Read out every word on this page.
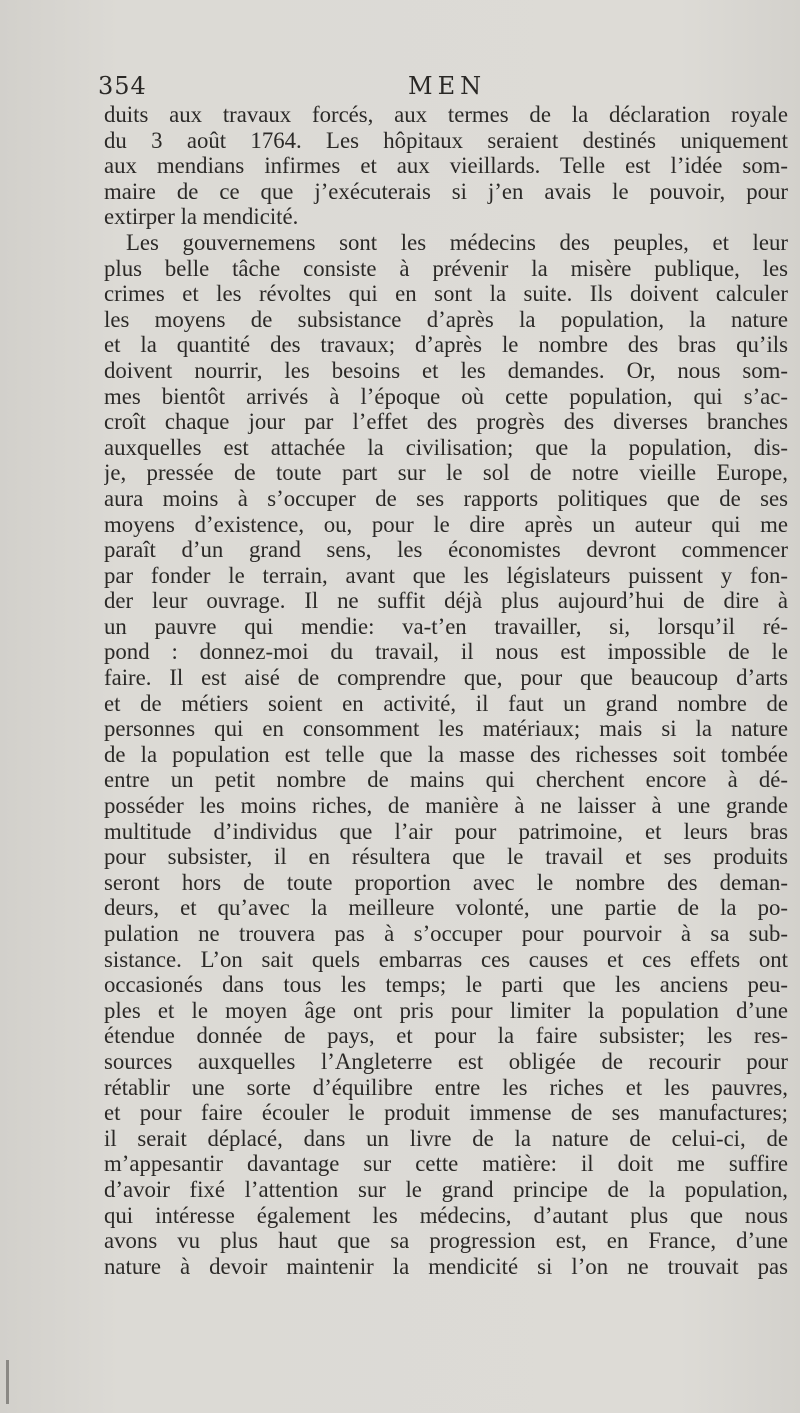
354	MEN
duits aux travaux forcés, aux termes de la déclaration royale
du 3 août 1764. Les hôpitaux seraient destinés uniquement
aux mendians infirmes et aux vieillards. Telle est l’idée som-
maire de ce que j’exécuterais si j’en avais le pouvoir, pour
extirper la mendicité.
Les gouvernemens sont les médecins des peuples, et leur
plus belle tâche consiste à prévenir la misère publique, les
crimes et les révoltes qui en sont la suite. Ils doivent calculer
les moyens de subsistance d’après la population, la nature
et la quantité des travaux; d’après le nombre des bras qu’ils
doivent nourrir, les besoins et les demandes. Or, nous som-
mes bientôt arrivés à l’époque où cette population, qui s’ac-
croît chaque jour par l’effet des progrès des diverses branches
auxquelles est attachée la civilisation; que la population, dis-
je, pressée de toute part sur le sol de notre vieille Europe,
aura moins à s’occuper de ses rapports politiques que de ses
moyens d’existence, ou, pour le dire après un auteur qui me
paraît d’un grand sens, les économistes devront commencer
par fonder le terrain, avant que les législateurs puissent y fon-
der leur ouvrage. Il ne suffit déjà plus aujourd’hui de dire à
un pauvre qui mendie: va-t’en travailler, si, lorsqu’il ré-
pond : donnez-moi du travail, il nous est impossible de le
faire. Il est aisé de comprendre que, pour que beaucoup d’arts
et de métiers soient en activité, il faut un grand nombre de
personnes qui en consomment les matériaux; mais si la nature
de la population est telle que la masse des richesses soit tombée
entre un petit nombre de mains qui cherchent encore à dé-
posséder les moins riches, de manière à ne laisser à une grande
multitude d’individus que l’air pour patrimoine, et leurs bras
pour subsister, il en résultera que le travail et ses produits
seront hors de toute proportion avec le nombre des deman-
deurs, et qu’avec la meilleure volonté, une partie de la po-
pulation ne trouvera pas à s’occuper pour pourvoir à sa sub-
sistance. L’on sait quels embarras ces causes et ces effets ont
occasionés dans tous les temps; le parti que les anciens peu-
ples et le moyen âge ont pris pour limiter la population d’une
étendue donnée de pays, et pour la faire subsister; les res-
sources auxquelles l’Angleterre est obligée de recourir pour
rétablir une sorte d’équilibre entre les riches et les pauvres,
et pour faire écouler le produit immense de ses manufactures;
il serait déplacé, dans un livre de la nature de celui-ci, de
m’appesantir davantage sur cette matière: il doit me suffire
d’avoir fixé l’attention sur le grand principe de la population,
qui intéresse également les médecins, d’autant plus que nous
avons vu plus haut que sa progression est, en France, d’une
nature à devoir maintenir la mendicité si l’on ne trouvait pas
